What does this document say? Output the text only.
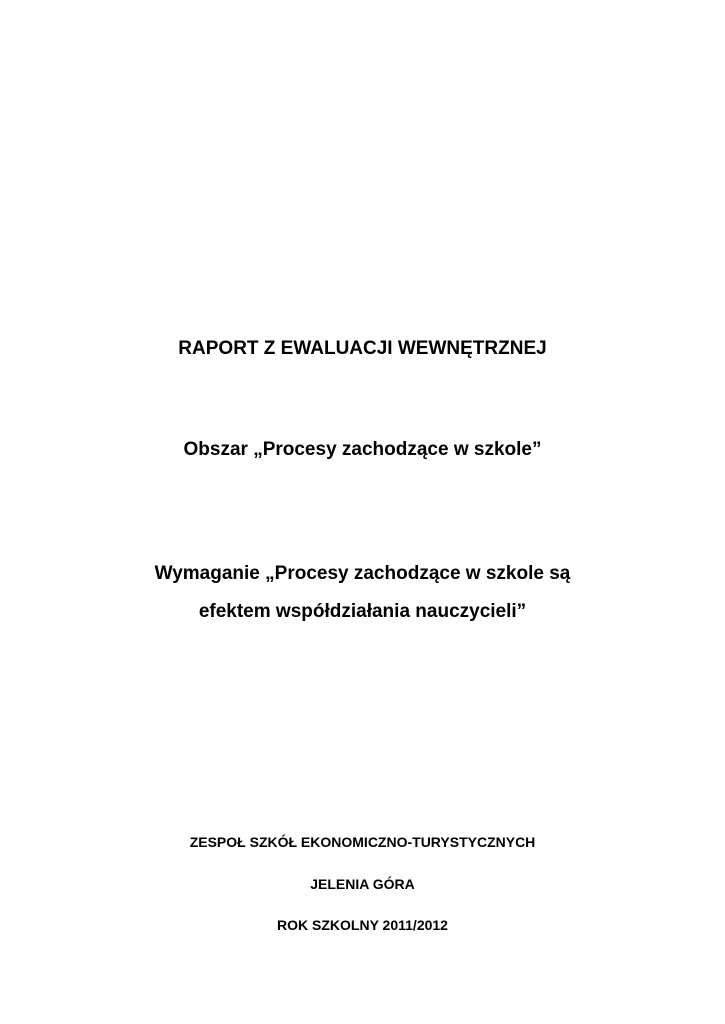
RAPORT Z EWALUACJI WEWNĘTRZNEJ
Obszar „Procesy zachodzące w szkole”

Wymaganie „Procesy zachodzące w szkole są

efektem współdziałania nauczycieli”

ZESPOŁ SZKÓŁ EKONOMICZNO-TURYSTYCZNYCH

JELENIA GÓRA

ROK SZKOLNY 2011/2012
